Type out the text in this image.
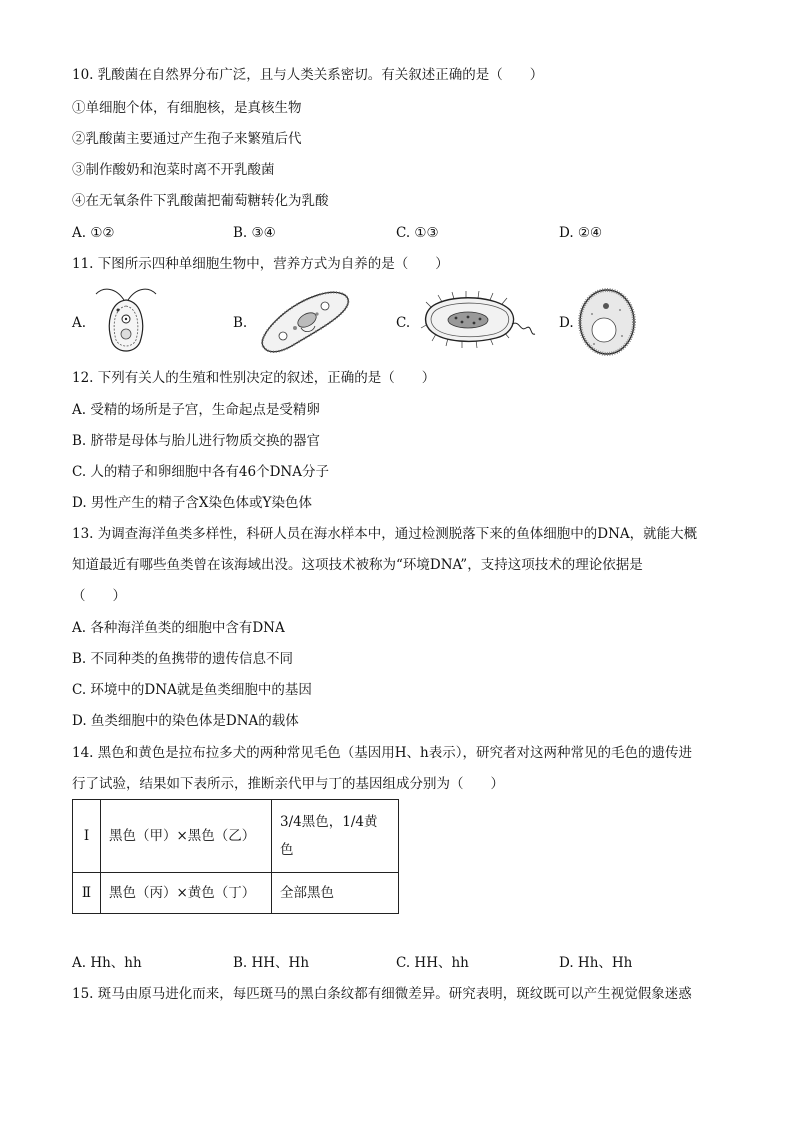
10. 乳酸菌在自然界分布广泛，且与人类关系密切。有关叙述正确的是（　　）
①单细胞个体，有细胞核，是真核生物
②乳酸菌主要通过产生孢子来繁殖后代
③制作酸奶和泡菜时离不开乳酸菌
④在无氧条件下乳酸菌把葡萄糖转化为乳酸
A. ①②	B. ③④	C. ①③	D. ②④
11. 下图所示四种单细胞生物中，营养方式为自养的是（　　）
A.	B.	C.	D.
12. 下列有关人的生殖和性别决定的叙述，正确的是（　　）
A. 受精的场所是子宫，生命起点是受精卵
B. 脐带是母体与胎儿进行物质交换的器官
C. 人的精子和卵细胞中各有46个DNA分子
D. 男性产生的精子含X染色体或Y染色体
13. 为调查海洋鱼类多样性，科研人员在海水样本中，通过检测脱落下来的鱼体细胞中的DNA，就能大概
知道最近有哪些鱼类曾在该海域出没。这项技术被称为“环境DNA”，支持这项技术的理论依据是
（　　）
A. 各种海洋鱼类的细胞中含有DNA
B. 不同种类的鱼携带的遗传信息不同
C. 环境中的DNA就是鱼类细胞中的基因
D. 鱼类细胞中的染色体是DNA的载体
14. 黑色和黄色是拉布拉多犬的两种常见毛色（基因用H、h表示），研究者对这两种常见的毛色的遗传进
行了试验，结果如下表所示，推断亲代甲与丁的基因组成分别为（　　）
Ⅰ	黑色（甲）×黑色（乙）	3/4黑色，1/4黄
色

Ⅱ	黑色（丙）×黄色（丁）	全部黑色
A. Hh、hh	B. HH、Hh	C. HH、hh	D. Hh、Hh
15. 斑马由原马进化而来，每匹斑马的黑白条纹都有细微差异。研究表明，斑纹既可以产生视觉假象迷惑
